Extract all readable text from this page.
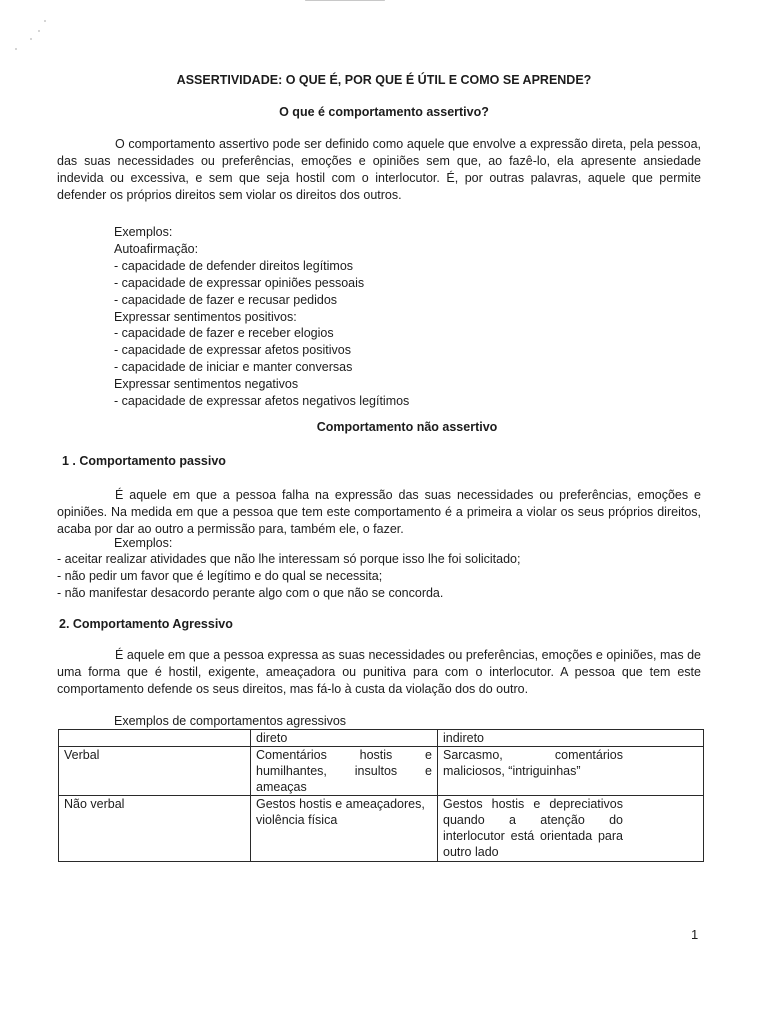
ASSERTIVIDADE: O QUE É, POR QUE É ÚTIL E COMO SE APRENDE?
O que é comportamento assertivo?
O comportamento assertivo pode ser definido como aquele que envolve a expressão direta, pela pessoa, das suas necessidades ou preferências, emoções e opiniões sem que, ao fazê-lo, ela apresente ansiedade indevida ou excessiva, e sem que seja hostil com o interlocutor. É, por outras palavras, aquele que permite defender os próprios direitos sem violar os direitos dos outros.
Exemplos:
Autoafirmação:
- capacidade de defender direitos legítimos
- capacidade de expressar opiniões pessoais
- capacidade de fazer e recusar pedidos
Expressar sentimentos positivos:
- capacidade de fazer e receber elogios
- capacidade de expressar afetos positivos
- capacidade de iniciar e manter conversas
Expressar sentimentos negativos
- capacidade de expressar afetos negativos legítimos
Comportamento não assertivo
1 . Comportamento passivo
É aquele em que a pessoa falha na expressão das suas necessidades ou preferências, emoções e opiniões. Na medida em que a pessoa que tem este comportamento é a primeira a violar os seus próprios direitos, acaba por dar ao outro a permissão para, também ele, o fazer.
Exemplos:
- aceitar realizar atividades que não lhe interessam só porque isso lhe foi solicitado;
- não pedir um favor que é legítimo e do qual se necessita;
- não manifestar desacordo perante algo com o que não se concorda.
2. Comportamento Agressivo
É aquele em que a pessoa expressa as suas necessidades ou preferências, emoções e opiniões, mas de uma forma que é hostil, exigente, ameaçadora ou punitiva para com o interlocutor. A pessoa que tem este comportamento defende os seus direitos, mas fá-lo à custa da violação dos do outro.
Exemplos de comportamentos agressivos
	direto	indireto
Verbal	Comentários hostis e humilhantes, insultos e ameaças	Sarcasmo, comentários maliciosos, “intriguinhas”
Não verbal	Gestos hostis e ameaçadores, violência física	Gestos hostis e depreciativos quando a atenção do interlocutor está orientada para outro lado
1
